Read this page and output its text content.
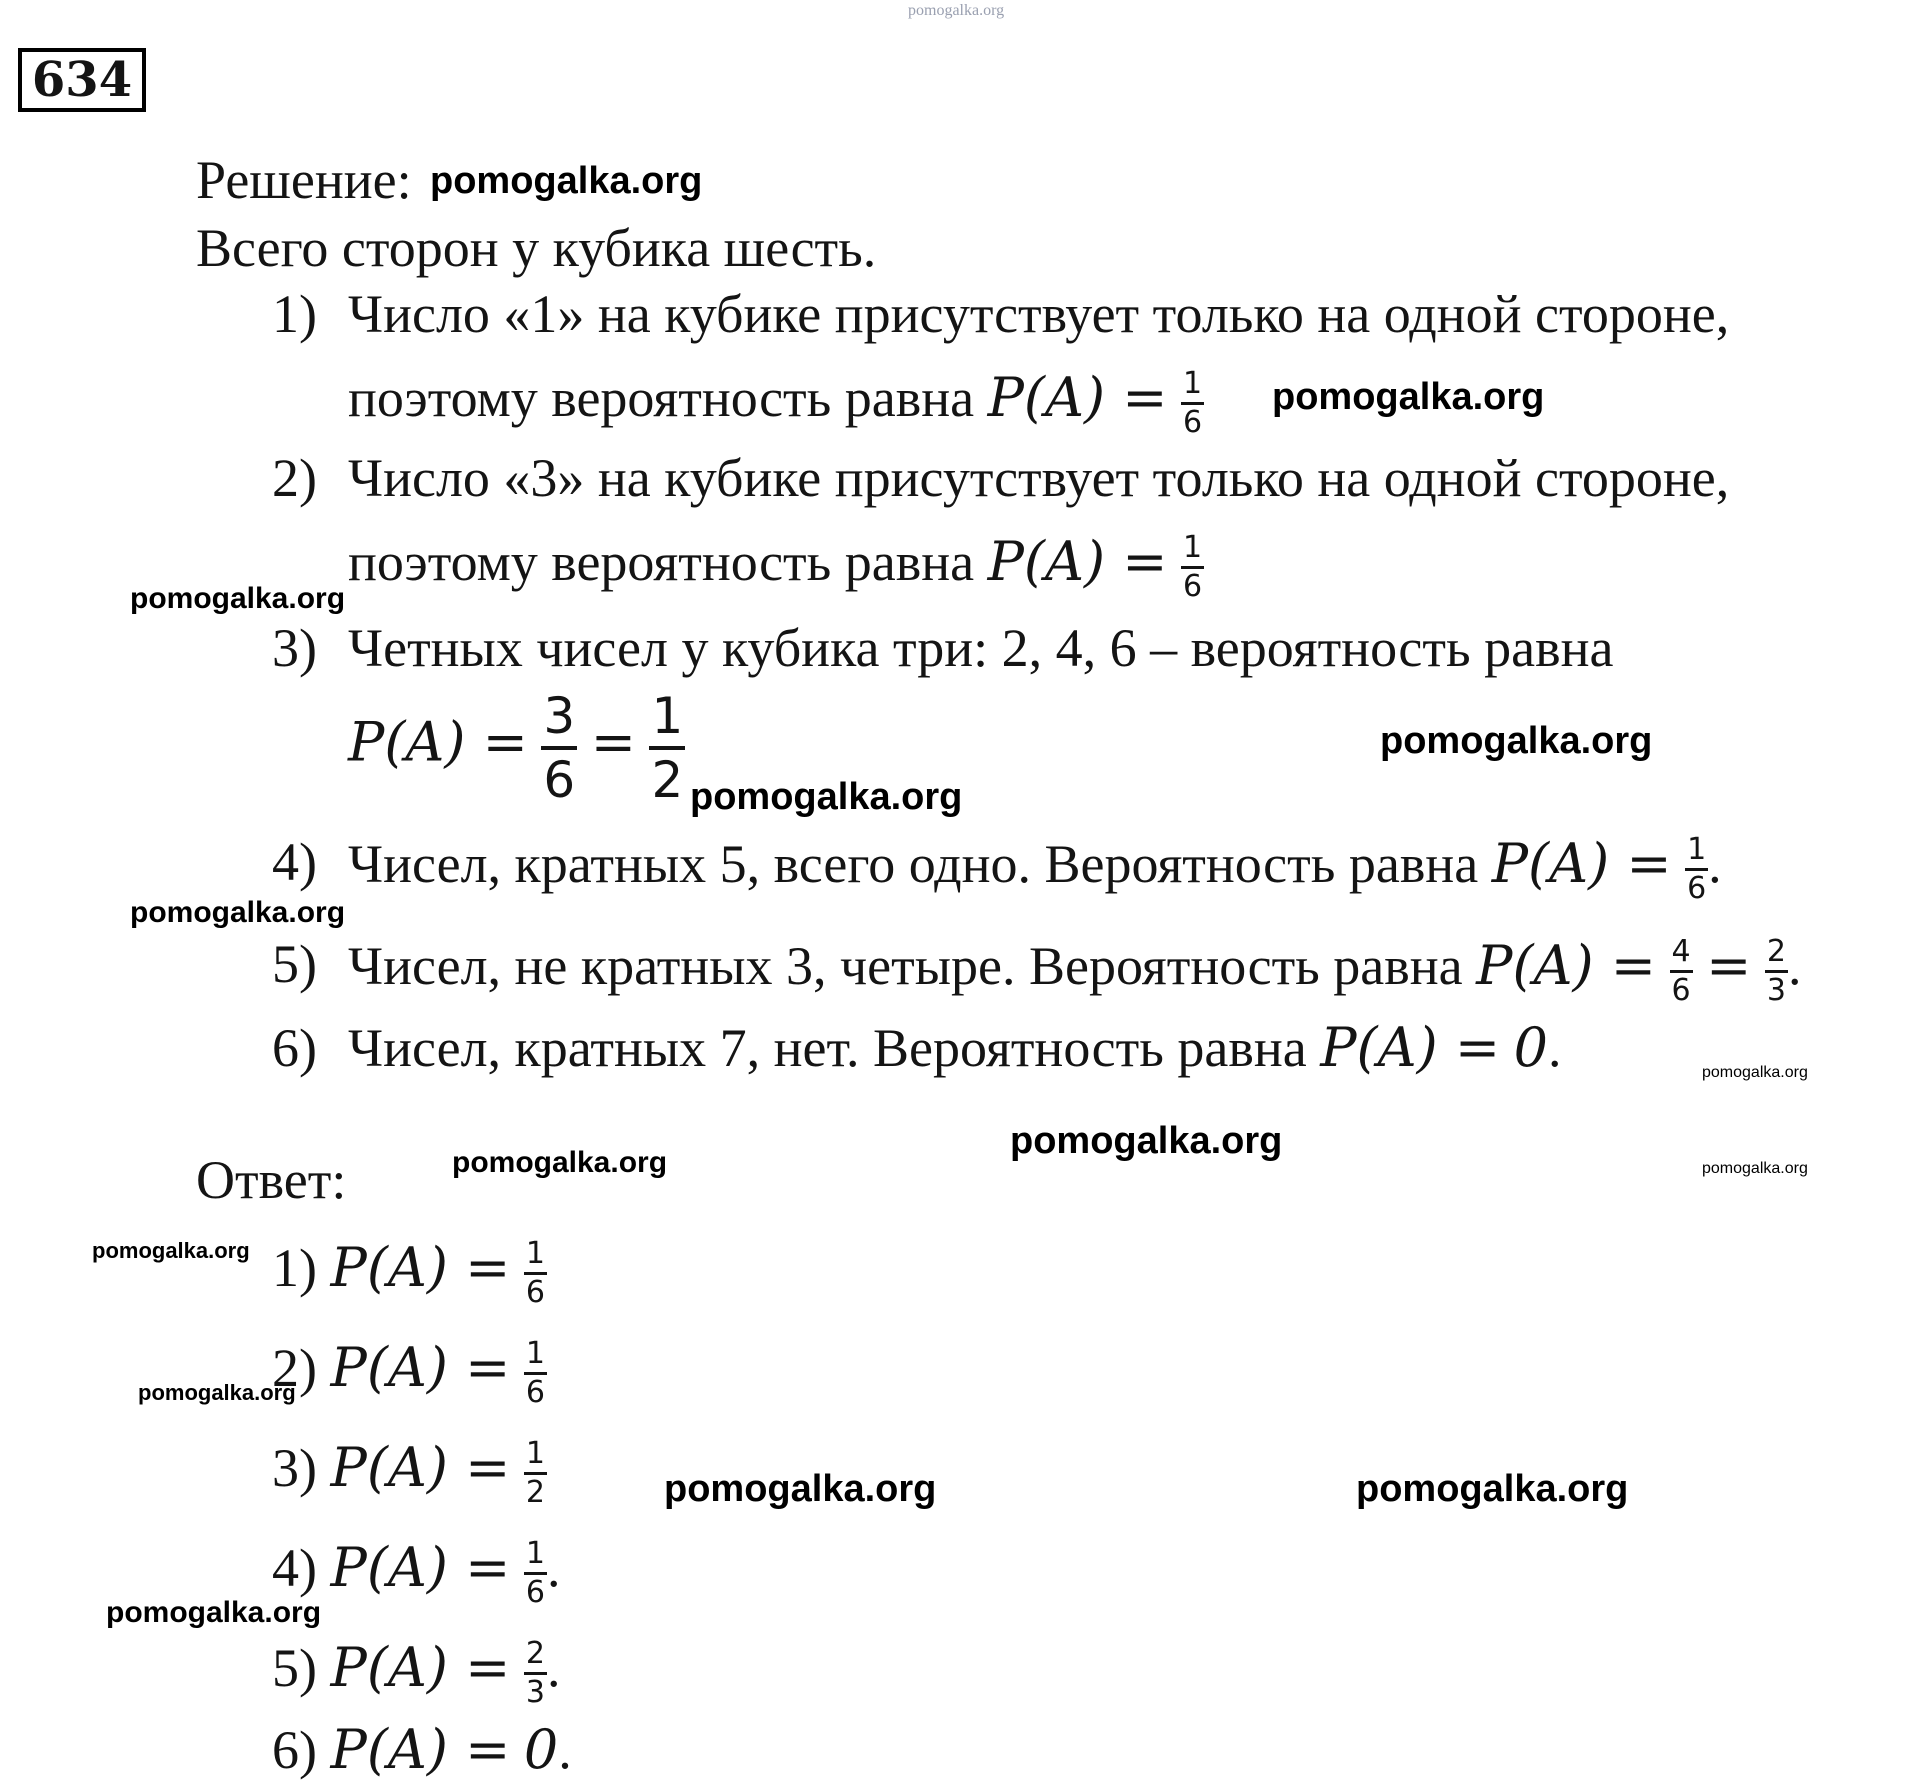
634
pomogalka.org
Решение:
Всего сторон у кубика шесть.
1) Число «1» на кубике присутствует только на одной стороне,
поэтому вероятность равна $P(A) = \frac{1}{6}$
2) Число «3» на кубике присутствует только на одной стороне,
поэтому вероятность равна $P(A) = \frac{1}{6}$
3) Четных чисел у кубика три: 2, 4, 6 – вероятность равна
$P(A) = \frac{3}{6} = \frac{1}{2}$
4) Чисел, кратных 5, всего одно. Вероятность равна $P(A) = \frac{1}{6}$ .
5) Чисел, не кратных 3, четыре. Вероятность равна $P(A) = \frac{4}{6} = \frac{2}{3}$ .
6) Чисел, кратных 7, нет. Вероятность равна P(A) = 0.
Ответ:
1) $P(A) = \frac{1}{6}$
2) $P(A) = \frac{1}{6}$
3) $P(A) = \frac{1}{2}$
4) $P(A) = \frac{1}{6}$ .
5) $P(A) = \frac{2}{3}$ .
6) P(A) = 0.
pomogalka.org
pomogalka.org
pomogalka.org
pomogalka.org
pomogalka.org
pomogalka.org
pomogalka.org
pomogalka.org
pomogalka.org	pomogalka.org
pomogalka.org
pomogalka.org
pomogalka.org	pomogalka.org
pomogalka.org
